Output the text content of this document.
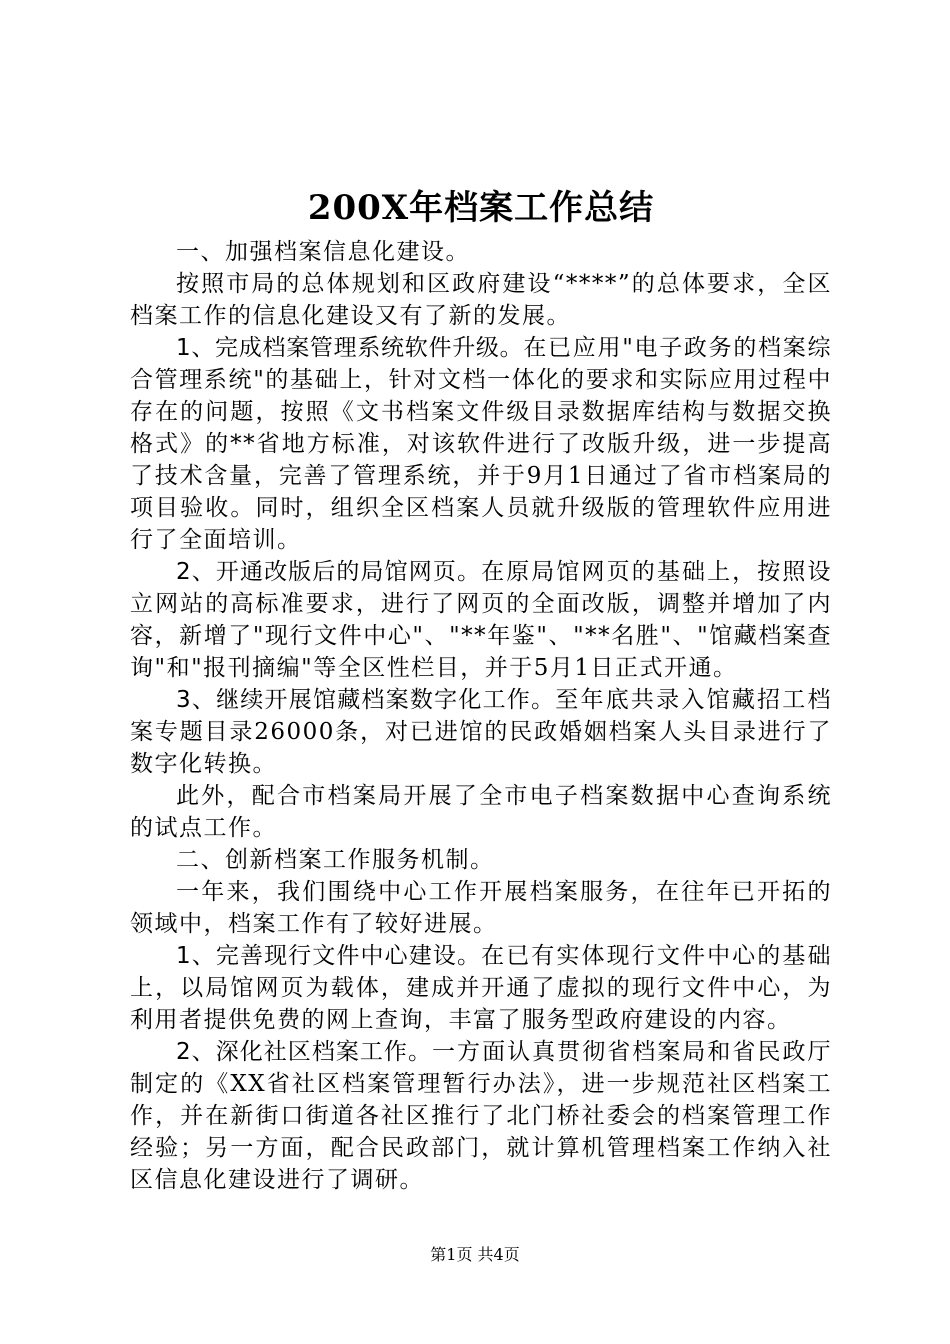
200X年档案工作总结

一、加强档案信息化建设。

按照市局的总体规划和区政府建设“****”的总体要求，全区档案工作的信息化建设又有了新的发展。

1、完成档案管理系统软件升级。在已应用"电子政务的档案综合管理系统"的基础上，针对文档一体化的要求和实际应用过程中存在的问题，按照《文书档案文件级目录数据库结构与数据交换格式》的**省地方标准，对该软件进行了改版升级，进一步提高了技术含量，完善了管理系统，并于9月1日通过了省市档案局的项目验收。同时，组织全区档案人员就升级版的管理软件应用进行了全面培训。

2、开通改版后的局馆网页。在原局馆网页的基础上，按照设立网站的高标准要求，进行了网页的全面改版，调整并增加了内容，新增了"现行文件中心"、"**年鉴"、"**名胜"、"馆藏档案查询"和"报刊摘编"等全区性栏目，并于5月1日正式开通。

3、继续开展馆藏档案数字化工作。至年底共录入馆藏招工档案专题目录26000条，对已进馆的民政婚姻档案人头目录进行了数字化转换。

此外，配合市档案局开展了全市电子档案数据中心查询系统的试点工作。

二、创新档案工作服务机制。

一年来，我们围绕中心工作开展档案服务，在往年已开拓的领域中，档案工作有了较好进展。

1、完善现行文件中心建设。在已有实体现行文件中心的基础上，以局馆网页为载体，建成并开通了虚拟的现行文件中心，为利用者提供免费的网上查询，丰富了服务型政府建设的内容。

2、深化社区档案工作。一方面认真贯彻省档案局和省民政厅制定的《XX省社区档案管理暂行办法》，进一步规范社区档案工作，并在新街口街道各社区推行了北门桥社委会的档案管理工作经验；另一方面，配合民政部门，就计算机管理档案工作纳入社区信息化建设进行了调研。

第1页 共4页
